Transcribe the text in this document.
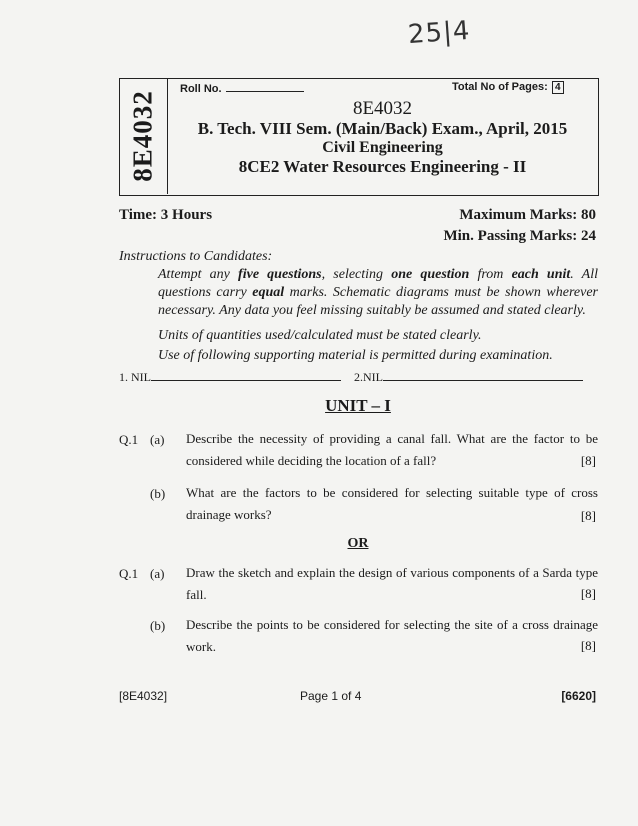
25|4
8E4032
Roll No.	Total No of Pages: 4
8E4032
B. Tech. VIII Sem. (Main/Back) Exam., April, 2015
Civil Engineering
8CE2 Water Resources Engineering - II
Time: 3 Hours	Maximum Marks: 80
Min. Passing Marks: 24
Instructions to Candidates:
Attempt any five questions, selecting one question from each unit. All questions carry equal marks. Schematic diagrams must be shown wherever necessary. Any data you feel missing suitably be assumed and stated clearly.
Units of quantities used/calculated must be stated clearly.
Use of following supporting material is permitted during examination.
1. NIL	2.NIL
UNIT – I
Q.1 (a) Describe the necessity of providing a canal fall. What are the factor to be considered while deciding the location of a fall?	[8]
(b) What are the factors to be considered for selecting suitable type of cross drainage works?	[8]
OR
Q.1 (a) Draw the sketch and explain the design of various components of a Sarda type fall.	[8]
(b) Describe the points to be considered for selecting the site of a cross drainage work.	[8]
[8E4032]	Page 1 of 4	[6620]
